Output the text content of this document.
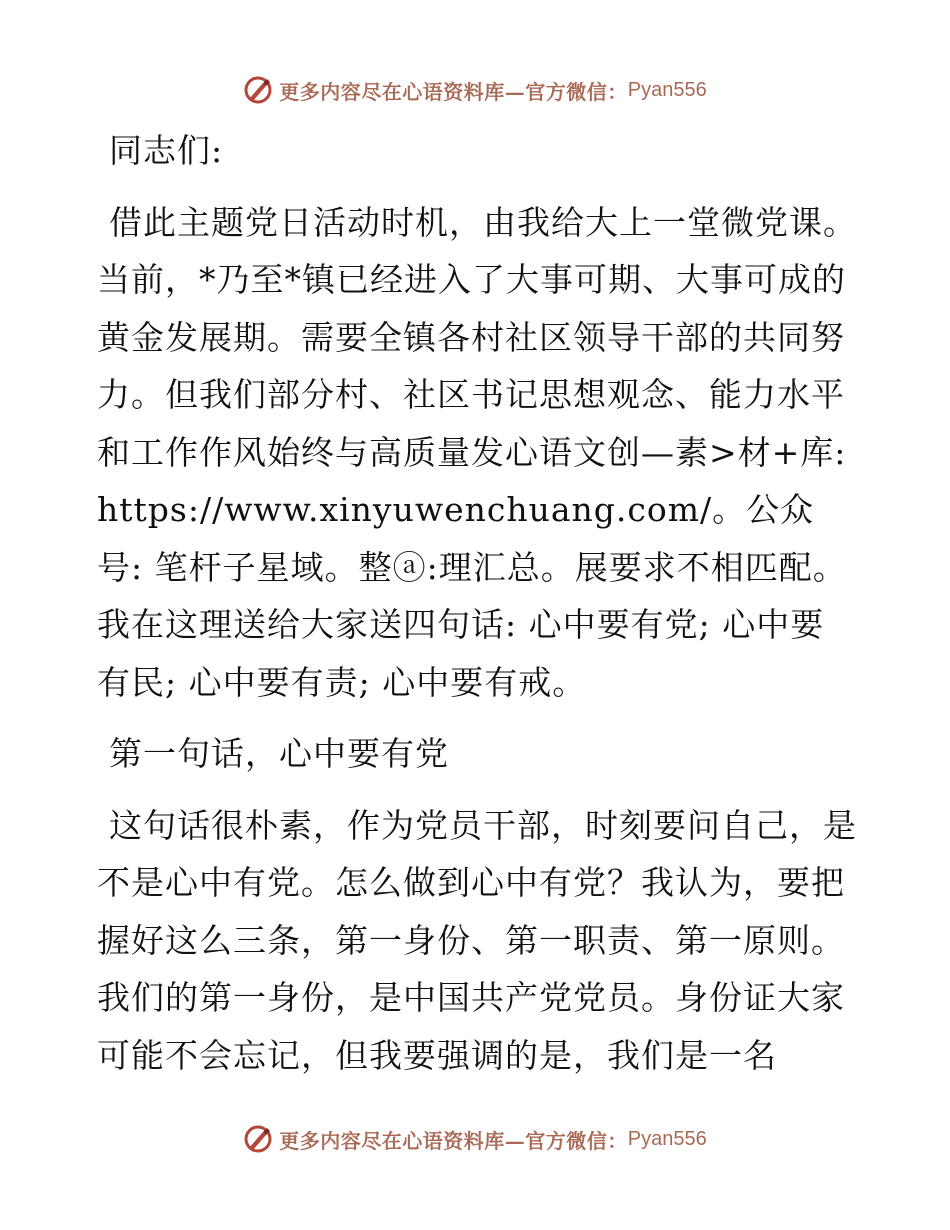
更多内容尽在心语资料库—官方微信： Pyan556

同志们:

借此主题党日活动时机，由我给大上一堂微党课。当前，*乃至*镇已经进入了大事可期、大事可成的黄金发展期。需要全镇各村社区领导干部的共同努力。但我们部分村、社区书记思想观念、能力水平和工作作风始终与高质量发心语文创—素>材+库: https://www.xinyuwenchuang.com/。公众号: 笔杆子星域。整ⓐ:理汇总。展要求不相匹配。我在这理送给大家送四句话: 心中要有党; 心中要有民; 心中要有责; 心中要有戒。

第一句话，心中要有党

这句话很朴素，作为党员干部，时刻要问自己，是不是心中有党。怎么做到心中有党？我认为，要把握好这么三条，第一身份、第一职责、第一原则。我们的第一身份，是中国共产党党员。身份证大家可能不会忘记，但我要强调的是，我们是一名

更多内容尽在心语资料库—官方微信： Pyan556
